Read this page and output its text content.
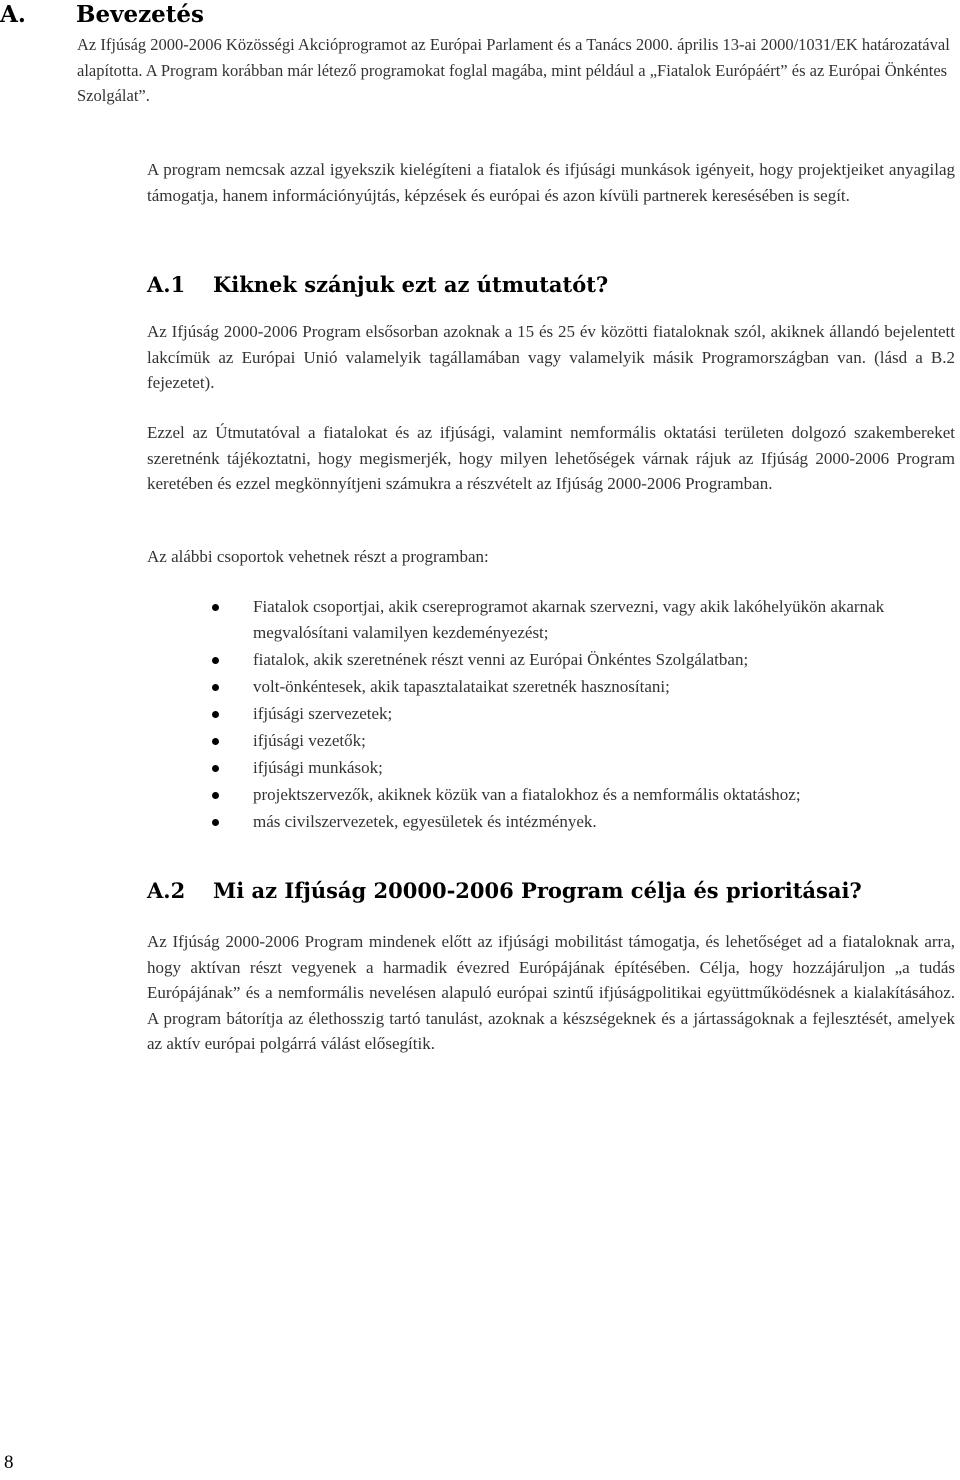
A. Bevezetés

Az Ifjúság 2000-2006 Közösségi Akcióprogramot az Európai Parlament és a Tanács 2000. április 13-ai 2000/1031/EK határozatával alapította. A Program korábban már létező programokat foglal magába, mint például a „Fiatalok Európáért” és az Európai Önkéntes Szolgálat”.

A program nemcsak azzal igyekszik kielégíteni a fiatalok és ifjúsági munkások igényeit, hogy projektjeiket anyagilag támogatja, hanem információnyújtás, képzések és európai és azon kívüli partnerek keresésében is segít.

A.1 Kiknek szánjuk ezt az útmutatót?

Az Ifjúság 2000-2006 Program elsősorban azoknak a 15 és 25 év közötti fiataloknak szól, akiknek állandó bejelentett lakcímük az Európai Unió valamelyik tagállamában vagy valamelyik másik Programországban van. (lásd a B.2 fejezetet).

Ezzel az Útmutatóval a fiatalokat és az ifjúsági, valamint nemformális oktatási területen dolgozó szakembereket szeretnénk tájékoztatni, hogy megismerjék, hogy milyen lehetőségek várnak rájuk az Ifjúság 2000-2006 Program keretében és ezzel megkönnyítjeni számukra a részvételt az Ifjúság 2000-2006 Programban.

Az alábbi csoportok vehetnek részt a programban:

Fiatalok csoportjai, akik csereprogramot akarnak szervezni, vagy akik lakóhelyükön akarnak megvalósítani valamilyen kezdeményezést;
fiatalok, akik szeretnének részt venni az Európai Önkéntes Szolgálatban;
volt-önkéntesek, akik tapasztalataikat szeretnék hasznosítani;
ifjúsági szervezetek;
ifjúsági vezetők;
ifjúsági munkások;
projektszervezők, akiknek közük van a fiatalokhoz és a nemformális oktatáshoz;
más civilszervezetek, egyesületek és intézmények.
A.2 Mi az Ifjúság 20000-2006 Program célja és prioritásai?

Az Ifjúság 2000-2006 Program mindenek előtt az ifjúsági mobilitást támogatja, és lehetőséget ad a fiataloknak arra, hogy aktívan részt vegyenek a harmadik évezred Európájának építésében. Célja, hogy hozzájáruljon „a tudás Európájának” és a nemformális nevelésen alapuló európai szintű ifjúságpolitikai együttműködésnek a kialakításához. A program bátorítja az élethosszig tartó tanulást, azoknak a készségeknek és a jártasságoknak a fejlesztését, amelyek az aktív európai polgárrá válást elősegítik.

8
